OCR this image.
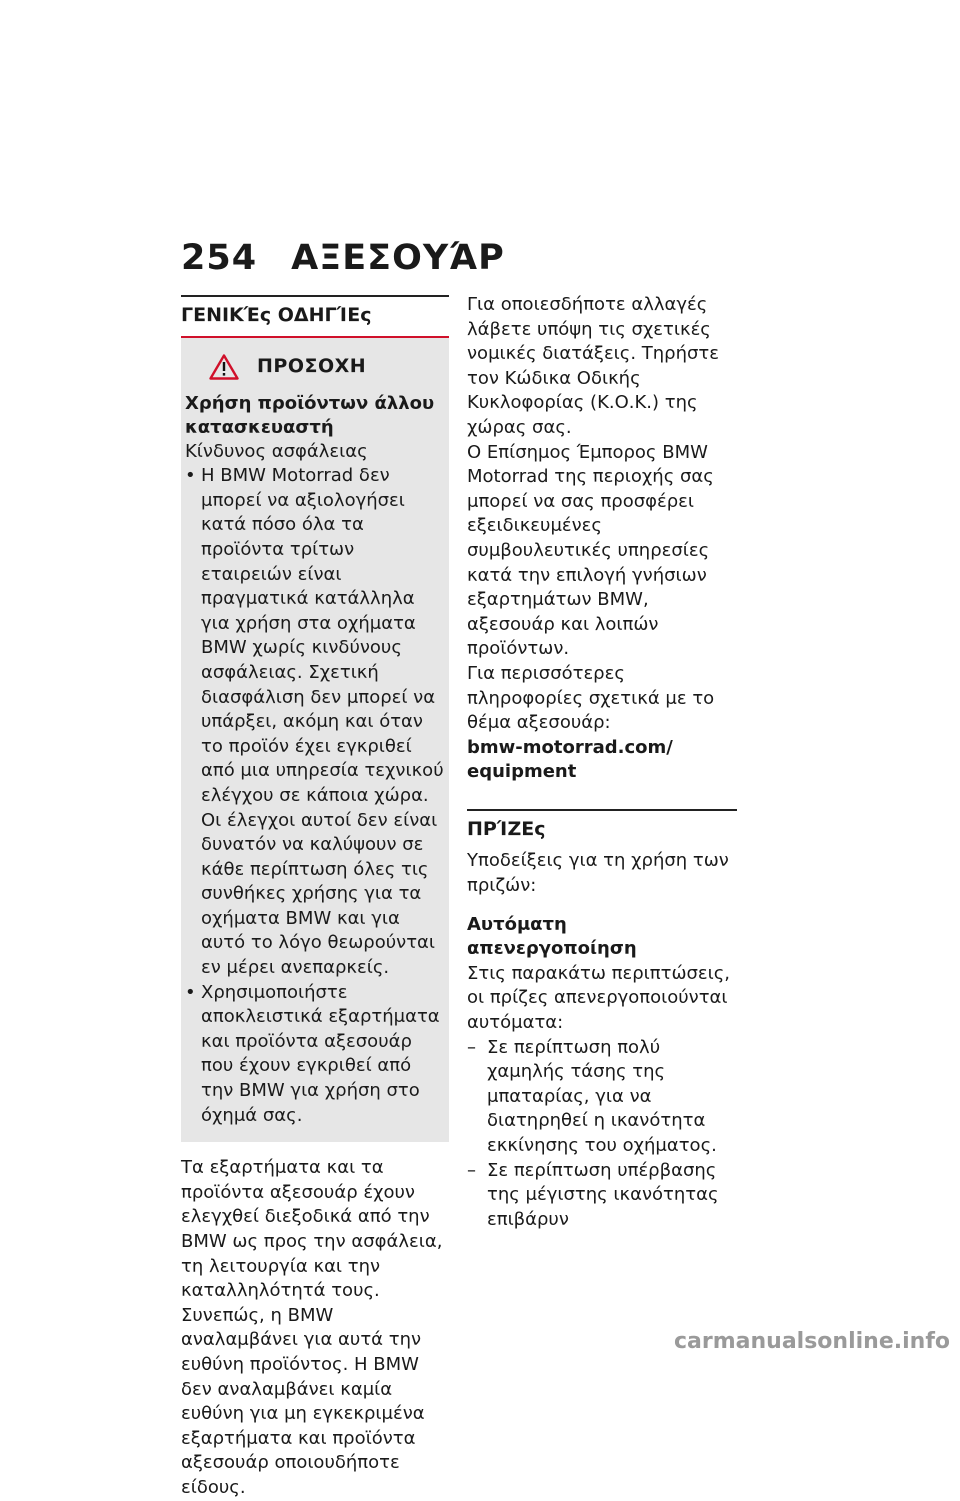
254 ΑΞΕΣΟΥΆΡ
ΓΕΝΙΚΈς ΟΔΗΓΊΕς
ΠΡΟΣΟΧΗ
Χρήση προϊόντων άλλου κατασκευαστή
Κίνδυνος ασφάλειας
• Η BMW Motorrad δεν μπορεί να αξιολογήσει κατά πόσο όλα τα προϊόντα τρίτων εταιρειών είναι πραγματικά κατάλληλα για χρήση στα οχήματα BMW χωρίς κινδύνους ασφάλειας. Σχετική διασφάλιση δεν μπορεί να υπάρξει, ακόμη και όταν το προϊόν έχει εγκριθεί από μια υπηρεσία τεχνικού ελέγχου σε κάποια χώρα. Οι έλεγχοι αυτοί δεν είναι δυνατόν να καλύψουν σε κάθε περίπτωση όλες τις συνθήκες χρήσης για τα οχήματα BMW και για αυτό το λόγο θεωρούνται εν μέρει ανεπαρκείς.
• Χρησιμοποιήστε αποκλειστικά εξαρτήματα και προϊόντα αξεσουάρ που έχουν εγκριθεί από την BMW για χρήση στο όχημά σας.
Τα εξαρτήματα και τα προϊόντα αξεσουάρ έχουν ελεγχθεί διεξοδικά από την BMW ως προς την ασφάλεια, τη λειτουργία και την καταλληλότητά τους. Συνεπώς, η BMW αναλαμβάνει για αυτά την ευθύνη προϊόντος. Η BMW δεν αναλαμβάνει καμία ευθύνη για μη εγκεκριμένα εξαρτήματα και προϊόντα αξεσουάρ οποιουδήποτε είδους.
Για οποιεσδήποτε αλλαγές λάβετε υπόψη τις σχετικές νομικές διατάξεις. Τηρήστε τον Κώδικα Οδικής Κυκλοφορίας (Κ.Ο.Κ.) της χώρας σας.
Ο Επίσημος Έμπορος BMW Motorrad της περιοχής σας μπορεί να σας προσφέρει εξειδικευμένες συμβουλευτικές υπηρεσίες κατά την επιλογή γνήσιων εξαρτημάτων BMW, αξεσουάρ και λοιπών προϊόντων.
Για περισσότερες πληροφορίες σχετικά με το θέμα αξεσουάρ:
bmw-motorrad.com/ equipment
ΠΡΊΖΕς
Υποδείξεις για τη χρήση των πριζών:
Αυτόματη απενεργοποίηση
Στις παρακάτω περιπτώσεις, οι πρίζες απενεργοποιούνται αυτόματα:
– Σε περίπτωση πολύ χαμηλής τάσης της μπαταρίας, για να διατηρηθεί η ικανότητα εκκίνησης του οχήματος.
– Σε περίπτωση υπέρβασης της μέγιστης ικανότητας επιβάρυν
carmanualsonline.info
